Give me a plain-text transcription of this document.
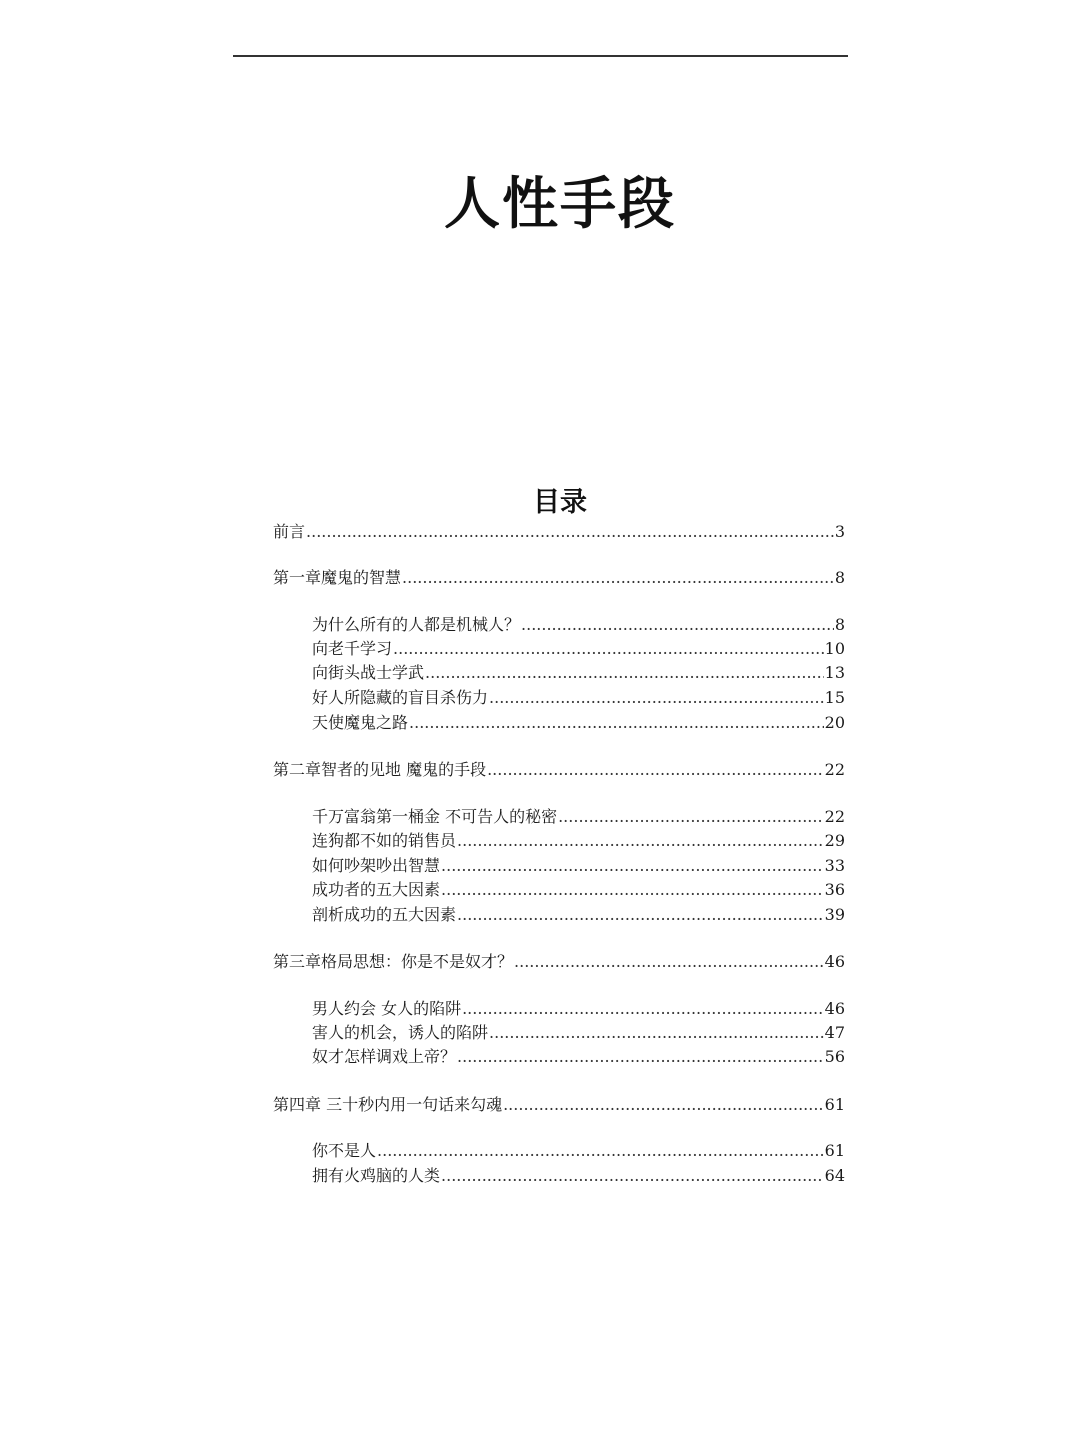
人性手段
目录
前言 .....	3
第一章魔鬼的智慧 .....	8
为什么所有的人都是机械人？ .....	8
向老千学习 .....	10
向街头战士学武 .....	13
好人所隐藏的盲目杀伤力 .....	15
天使魔鬼之路 .....	20
第二章智者的见地 魔鬼的手段 .....	22
千万富翁第一桶金 不可告人的秘密 .....	22
连狗都不如的销售员 .....	29
如何吵架吵出智慧 .....	33
成功者的五大因素 .....	36
剖析成功的五大因素 .....	39
第三章格局思想：你是不是奴才？ .....	46
男人约会 女人的陷阱 .....	46
害人的机会，诱人的陷阱 .....	47
奴才怎样调戏上帝？ .....	56
第四章 三十秒内用一句话来勾魂 .....	61
你不是人 .....	61
拥有火鸡脑的人类 .....	64
